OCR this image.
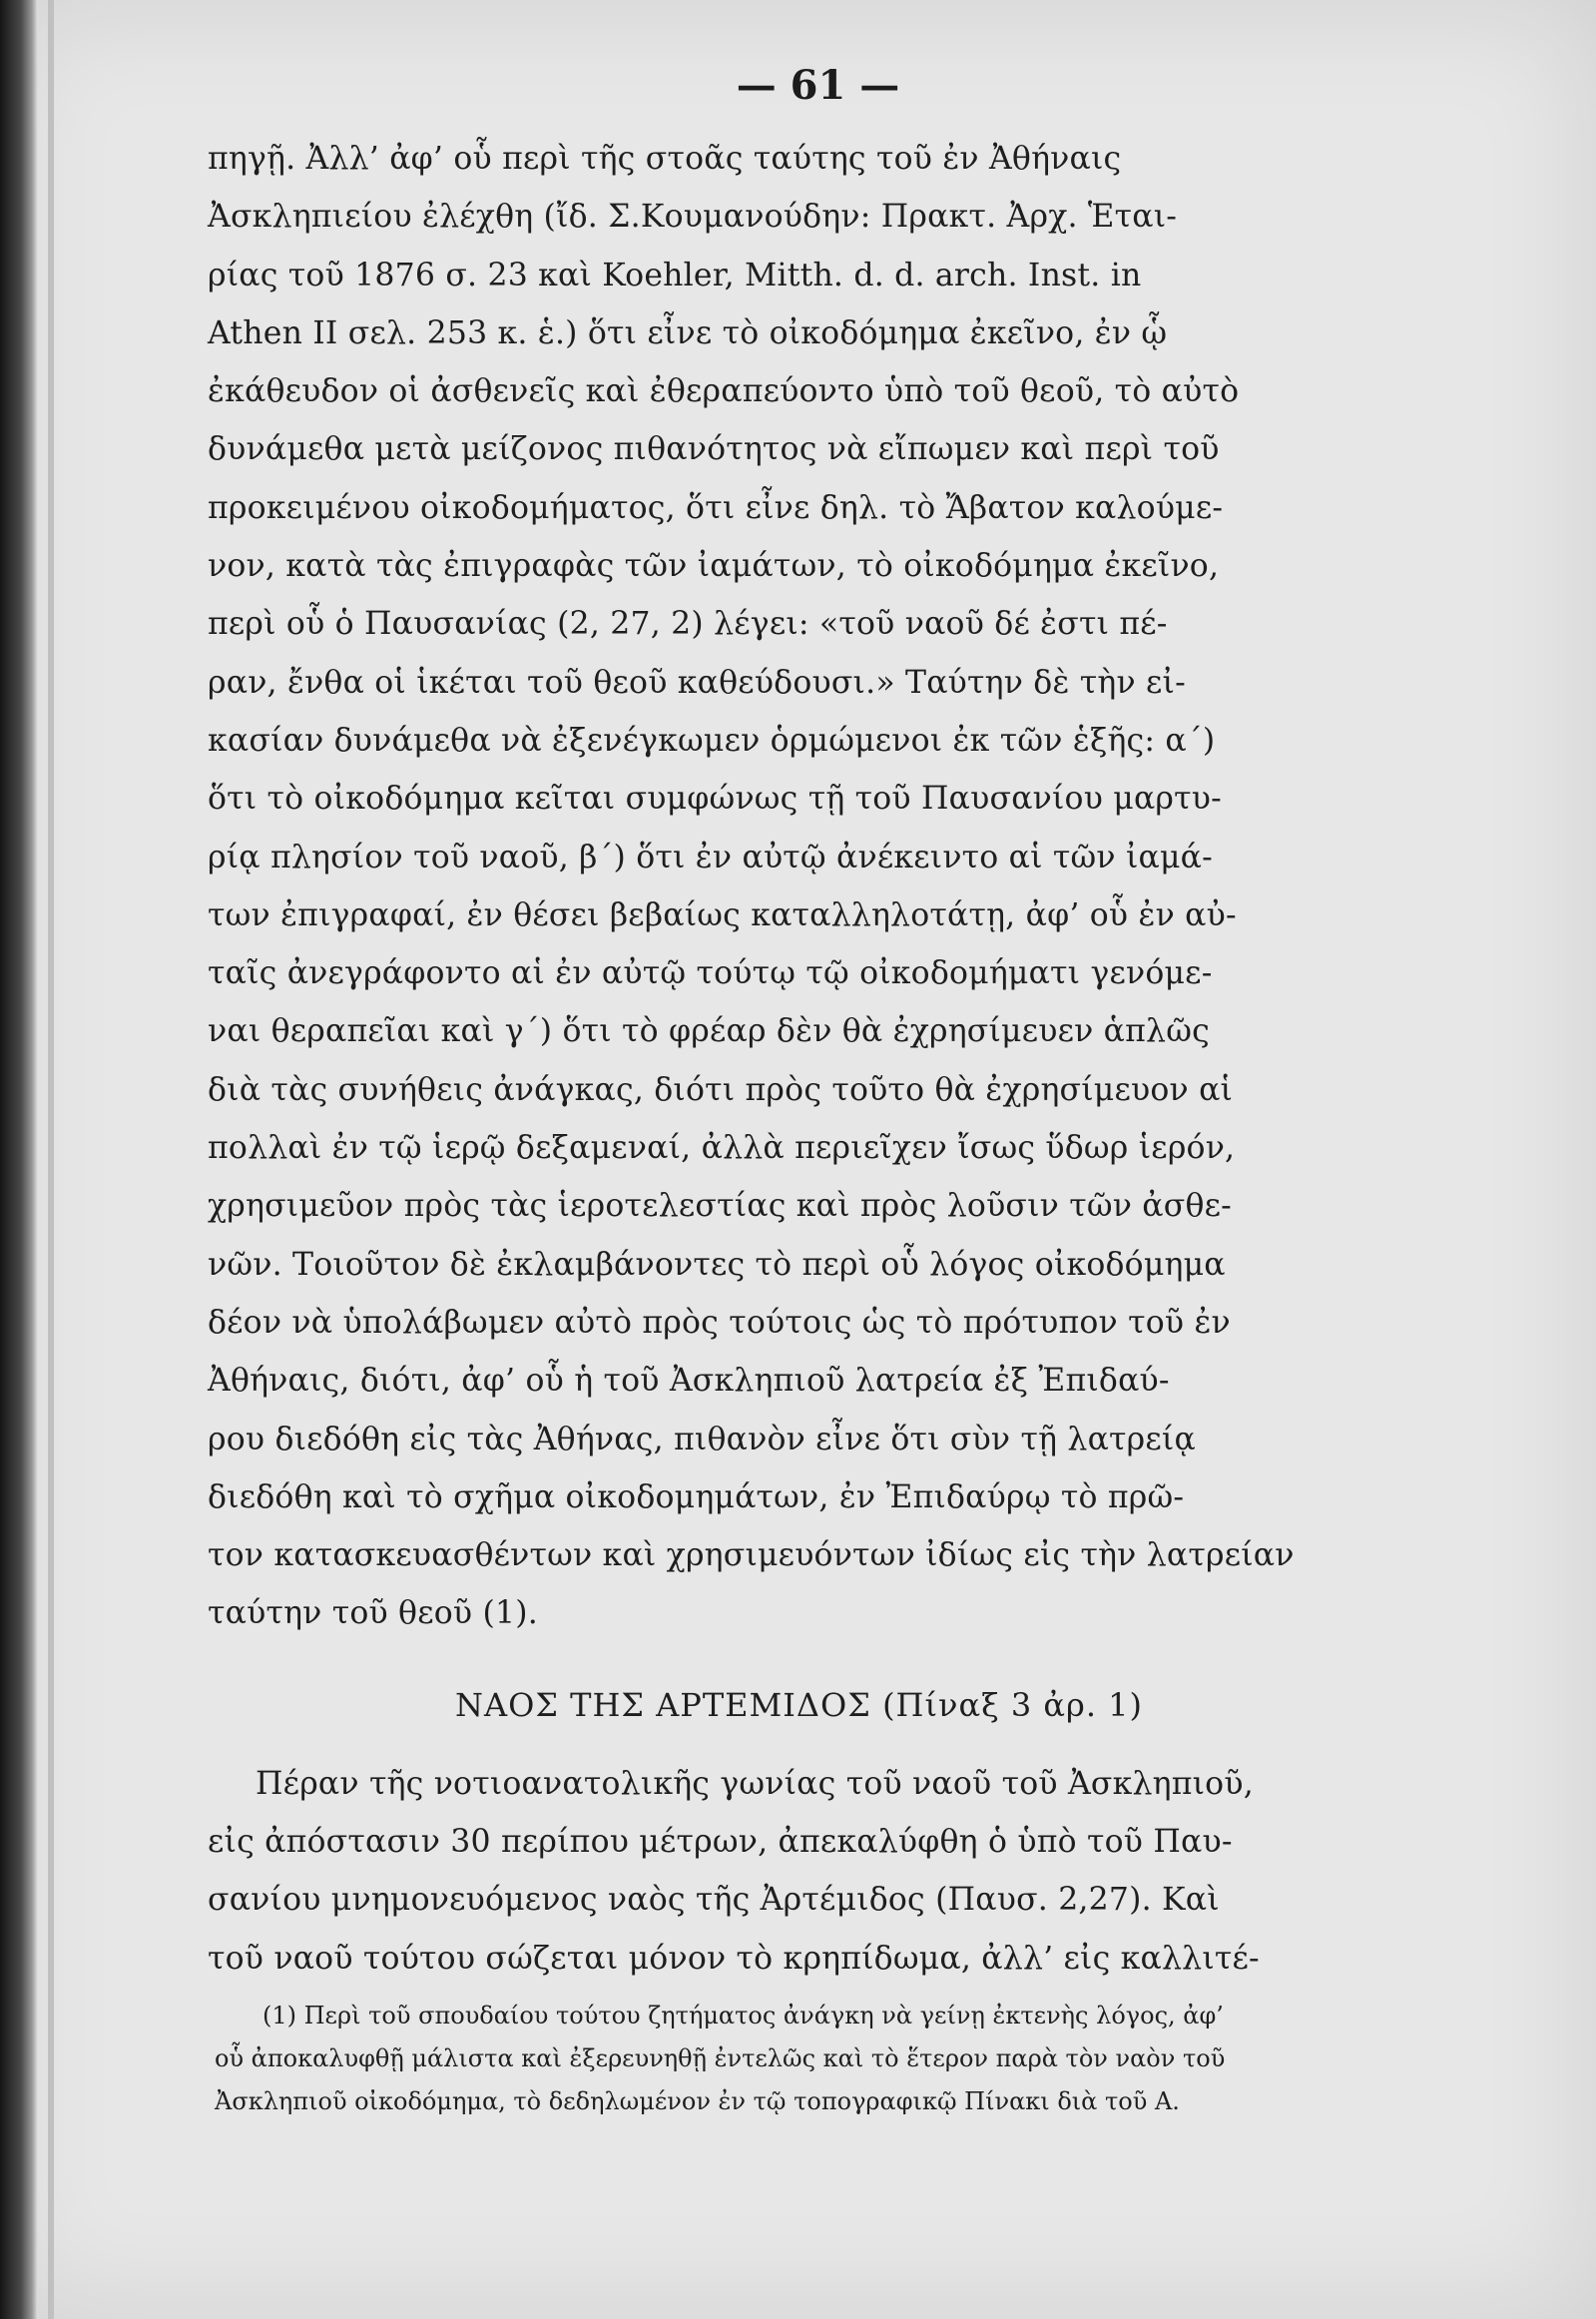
— 61 —
πηγῇ. Ἀλλ’ ἀφ’ οὗ περὶ τῆς στοᾶς ταύτης τοῦ ἐν Ἀθήναις
Ἀσκληπιείου ἐλέχθη (ἴδ. Σ.Κουμανούδην: Πρακτ. Ἀρχ. Ἑται-
ρίας τοῦ 1876 σ. 23 καὶ Koehler, Mitth. d. d. arch. Inst. in
Athen II σελ. 253 κ. ἑ.) ὅτι εἶνε τὸ οἰκοδόμημα ἐκεῖνο, ἐν ᾧ
ἐκάθευδον οἱ ἀσθενεῖς καὶ ἐθεραπεύοντο ὑπὸ τοῦ θεοῦ, τὸ αὐτὸ
δυνάμεθα μετὰ μείζονος πιθανότητος νὰ εἴπωμεν καὶ περὶ τοῦ
προκειμένου οἰκοδομήματος, ὅτι εἶνε δηλ. τὸ Ἄβατον καλούμε-
νον, κατὰ τὰς ἐπιγραφὰς τῶν ἰαμάτων, τὸ οἰκοδόμημα ἐκεῖνο,
περὶ οὗ ὁ Παυσανίας (2, 27, 2) λέγει: «τοῦ ναοῦ δέ ἐστι πέ-
ραν, ἔνθα οἱ ἱκέται τοῦ θεοῦ καθεύδουσι.» Ταύτην δὲ τὴν εἰ-
κασίαν δυνάμεθα νὰ ἐξενέγκωμεν ὁρμώμενοι ἐκ τῶν ἑξῆς: α΄)
ὅτι τὸ οἰκοδόμημα κεῖται συμφώνως τῇ τοῦ Παυσανίου μαρτυ-
ρίᾳ πλησίον τοῦ ναοῦ, β΄) ὅτι ἐν αὐτῷ ἀνέκειντο αἱ τῶν ἰαμά-
των ἐπιγραφαί, ἐν θέσει βεβαίως καταλληλοτάτῃ, ἀφ’ οὗ ἐν αὐ-
ταῖς ἀνεγράφοντο αἱ ἐν αὐτῷ τούτῳ τῷ οἰκοδομήματι γενόμε-
ναι θεραπεῖαι καὶ γ΄) ὅτι τὸ φρέαρ δὲν θὰ ἐχρησίμευεν ἁπλῶς
διὰ τὰς συνήθεις ἀνάγκας, διότι πρὸς τοῦτο θὰ ἐχρησίμευον αἱ
πολλαὶ ἐν τῷ ἱερῷ δεξαμεναί, ἀλλὰ περιεῖχεν ἴσως ὕδωρ ἱερόν,
χρησιμεῦον πρὸς τὰς ἱεροτελεστίας καὶ πρὸς λοῦσιν τῶν ἀσθε-
νῶν. Τοιοῦτον δὲ ἐκλαμβάνοντες τὸ περὶ οὗ λόγος οἰκοδόμημα
δέον νὰ ὑπολάβωμεν αὐτὸ πρὸς τούτοις ὡς τὸ πρότυπον τοῦ ἐν
Ἀθήναις, διότι, ἀφ’ οὗ ἡ τοῦ Ἀσκληπιοῦ λατρεία ἐξ Ἐπιδαύ-
ρου διεδόθη εἰς τὰς Ἀθήνας, πιθανὸν εἶνε ὅτι σὺν τῇ λατρείᾳ
διεδόθη καὶ τὸ σχῆμα οἰκοδομημάτων, ἐν Ἐπιδαύρῳ τὸ πρῶ-
τον κατασκευασθέντων καὶ χρησιμευόντων ἰδίως εἰς τὴν λατρείαν
ταύτην τοῦ θεοῦ (1).
ΝΑΟΣ ΤΗΣ ΑΡΤΕΜΙΔΟΣ (Πίναξ 3 ἀρ. 1)
Πέραν τῆς νοτιοανατολικῆς γωνίας τοῦ ναοῦ τοῦ Ἀσκληπιοῦ,
εἰς ἀπόστασιν 30 περίπου μέτρων, ἀπεκαλύφθη ὁ ὑπὸ τοῦ Παυ-
σανίου μνημονευόμενος ναὸς τῆς Ἀρτέμιδος (Παυσ. 2,27). Καὶ
τοῦ ναοῦ τούτου σώζεται μόνον τὸ κρηπίδωμα, ἀλλ’ εἰς καλλιτέ-
(1) Περὶ τοῦ σπουδαίου τούτου ζητήματος ἀνάγκη νὰ γείνῃ ἐκτενὴς λόγος, ἀφ’
οὗ ἀποκαλυφθῇ μάλιστα καὶ ἐξερευνηθῇ ἐντελῶς καὶ τὸ ἕτερον παρὰ τὸν ναὸν τοῦ
Ἀσκληπιοῦ οἰκοδόμημα, τὸ δεδηλωμένον ἐν τῷ τοπογραφικῷ Πίνακι διὰ τοῦ Α.
